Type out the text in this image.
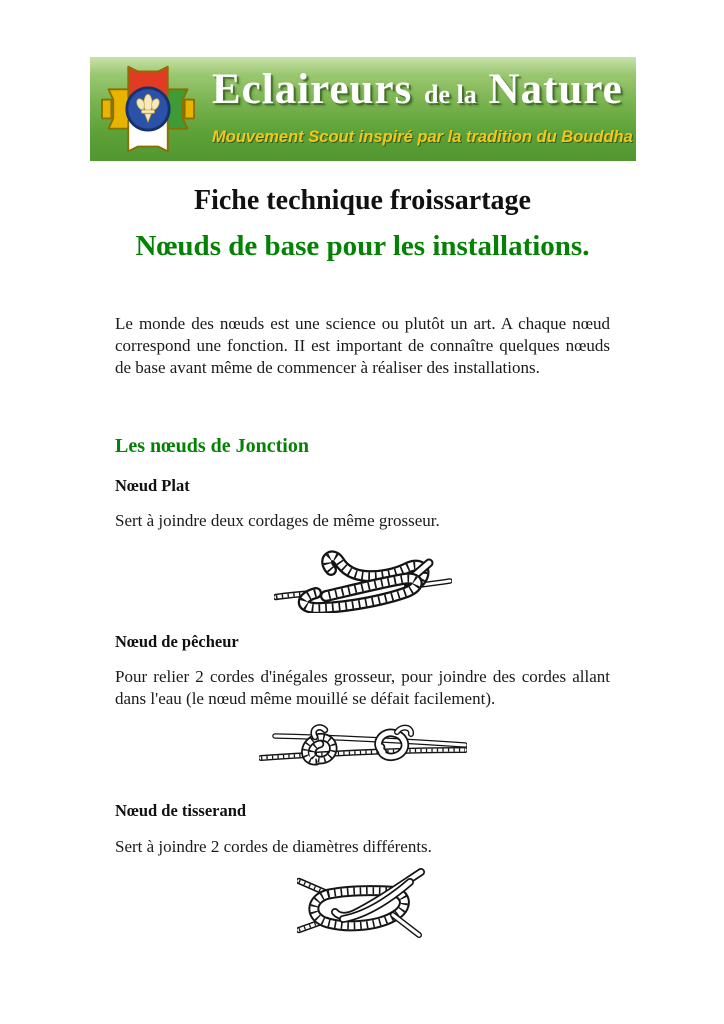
Eclaireurs de la Nature
Mouvement Scout inspiré par la tradition du Bouddha
Fiche technique froissartage
Nœuds de base pour les installations.

Le monde des nœuds est une science ou plutôt un art. A chaque nœud correspond une fonction. II est important de connaître quelques nœuds de base avant même de commencer à réaliser des installations.

Les nœuds de Jonction

Nœud Plat

Sert à joindre deux cordages de même grosseur.

Nœud de pêcheur

Pour relier 2 cordes d'inégales grosseur, pour joindre des cordes allant dans l'eau (le nœud même mouillé se défait facilement).

Nœud de tisserand

Sert à joindre 2 cordes de diamètres différents.
